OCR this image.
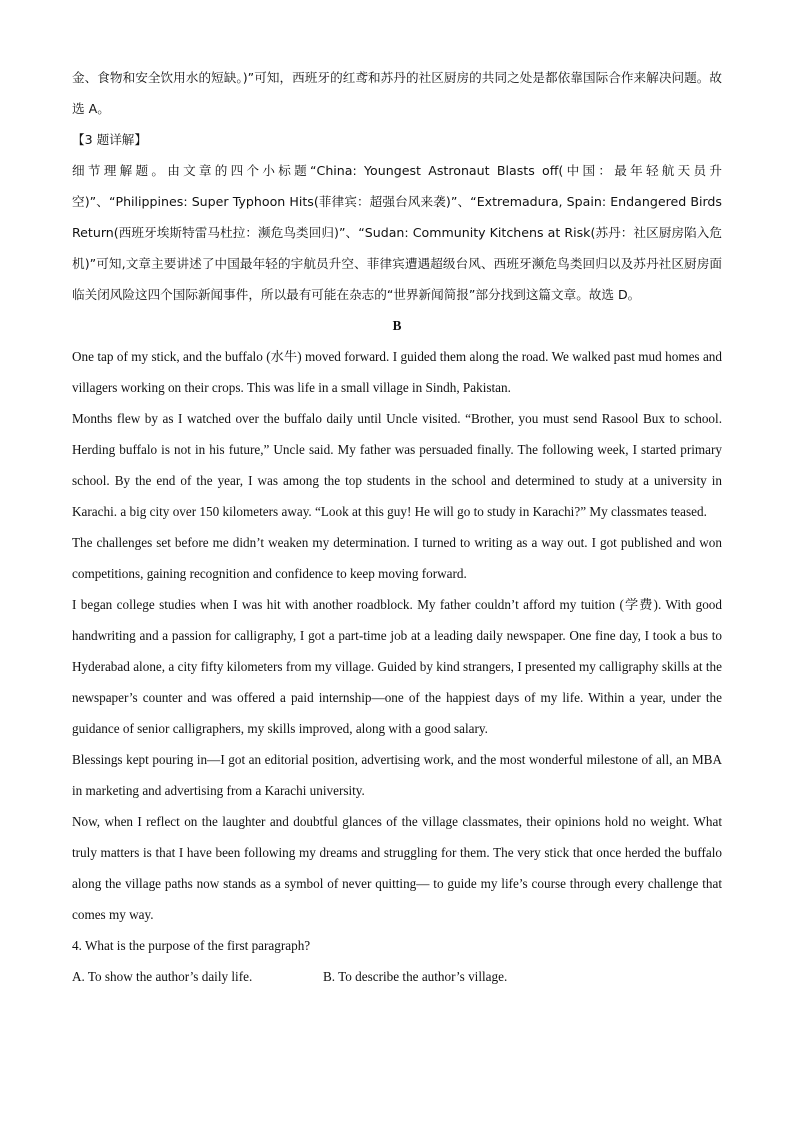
金、食物和安全饮用水的短缺。)”可知，西班牙的红鸢和苏丹的社区厨房的共同之处是都依靠国际合作来解决问题。故选 A。

【3 题详解】

细节理解题。由文章的四个小标题“China: Youngest Astronaut Blasts off(中国：最年轻航天员升空)”、“Philippines: Super Typhoon Hits(菲律宾：超强台风来袭)”、“Extremadura, Spain: Endangered Birds Return(西班牙埃斯特雷马杜拉：濒危鸟类回归)”、“Sudan: Community Kitchens at Risk(苏丹：社区厨房陷入危机)”可知,文章主要讲述了中国最年轻的宇航员升空、菲律宾遭遇超级台风、西班牙濒危鸟类回归以及苏丹社区厨房面临关闭风险这四个国际新闻事件，所以最有可能在杂志的“世界新闻简报”部分找到这篇文章。故选 D。

B

One tap of my stick, and the buffalo (水牛) moved forward. I guided them along the road. We walked past mud homes and villagers working on their crops. This was life in a small village in Sindh, Pakistan.

Months flew by as I watched over the buffalo daily until Uncle visited. “Brother, you must send Rasool Bux to school. Herding buffalo is not in his future,” Uncle said. My father was persuaded finally. The following week, I started primary school. By the end of the year, I was among the top students in the school and determined to study at a university in Karachi. a big city over 150 kilometers away. “Look at this guy! He will go to study in Karachi?” My classmates teased.

The challenges set before me didn’t weaken my determination. I turned to writing as a way out. I got published and won competitions, gaining recognition and confidence to keep moving forward.

I began college studies when I was hit with another roadblock. My father couldn’t afford my tuition (学费). With good handwriting and a passion for calligraphy, I got a part-time job at a leading daily newspaper. One fine day, I took a bus to Hyderabad alone, a city fifty kilometers from my village. Guided by kind strangers, I presented my calligraphy skills at the newspaper’s counter and was offered a paid internship—one of the happiest days of my life. Within a year, under the guidance of senior calligraphers, my skills improved, along with a good salary.

Blessings kept pouring in—I got an editorial position, advertising work, and the most wonderful milestone of all, an MBA in marketing and advertising from a Karachi university.

Now, when I reflect on the laughter and doubtful glances of the village classmates, their opinions hold no weight. What truly matters is that I have been following my dreams and struggling for them. The very stick that once herded the buffalo along the village paths now stands as a symbol of never quitting— to guide my life’s course through every challenge that comes my way.

4. What is the purpose of the first paragraph?

A. To show the author’s daily life.	B. To describe the author’s village.
